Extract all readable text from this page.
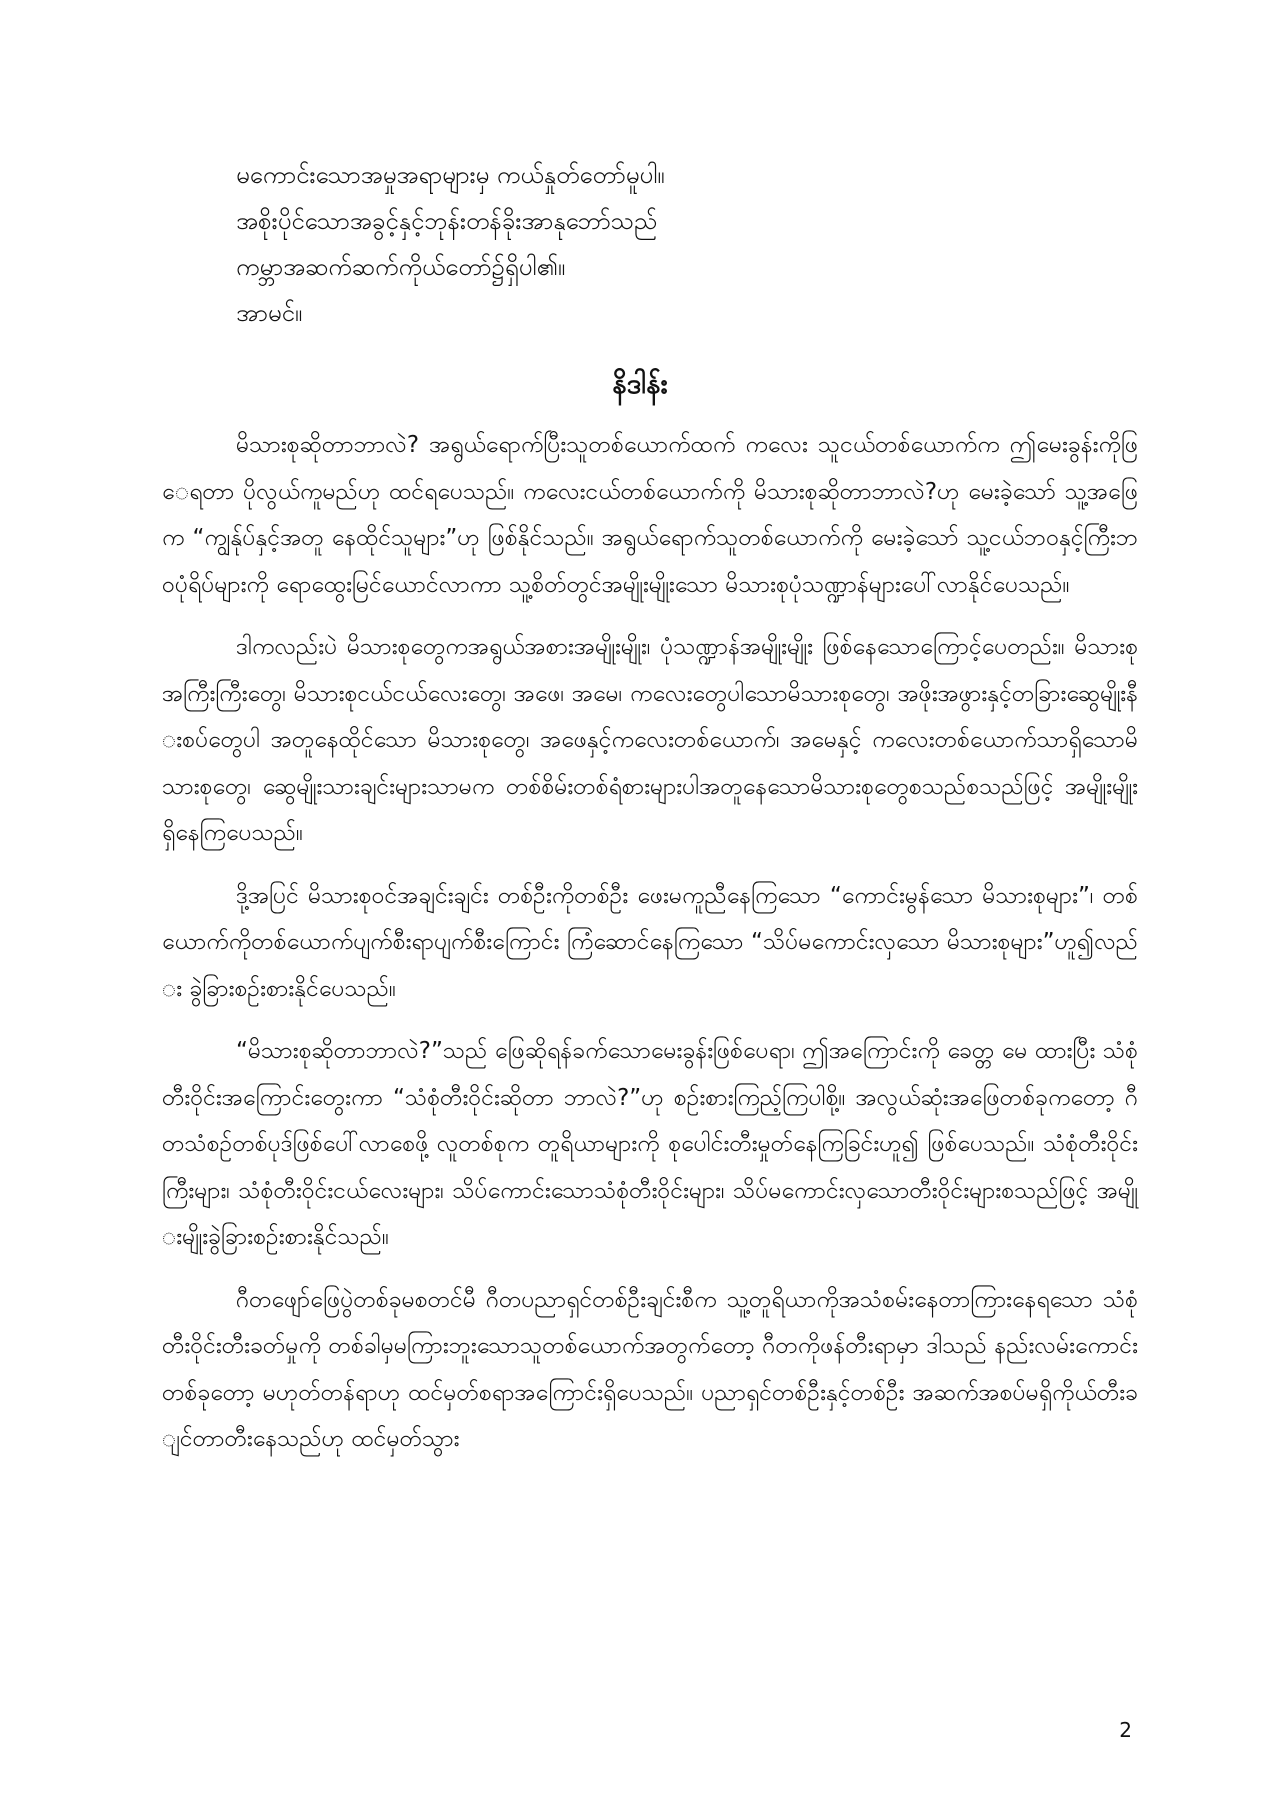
မကောင်းသောအမှုအရာများမှ ကယ်နှုတ်တော်မူပါ။
အစိုးပိုင်သောအခွင့်နှင့်ဘုန်းတန်ခိုးအာနုဘော်သည်
ကမ္ဘာအဆက်ဆက်ကိုယ်တော်၌ရှိပါ၏။
အာမင်။
နိဒါန်း

မိသားစုဆိုတာဘာလဲ? အရွယ်ရောက်ပြီးသူတစ်ယောက်ထက် ကလေး သူငယ်တစ်ယောက်က ဤမေးခွန်းကိုဖြေရတာ ပိုလွယ်ကူမည်ဟု ထင်ရပေသည်။ ကလေးငယ်တစ်ယောက်ကို မိသားစုဆိုတာဘာလဲ?ဟု မေးခဲ့သော် သူ့အဖြေက “ကျွန်ုပ်နှင့်အတူ နေထိုင်သူများ”ဟု ဖြစ်နိုင်သည်။ အရွယ်ရောက်သူတစ်ယောက်ကို မေးခဲ့သော် သူ့ငယ်ဘဝနှင့်ကြီးဘဝပုံရိပ်များကို ရောထွေးမြင်ယောင်လာကာ သူ့စိတ်တွင်အမျိုးမျိုးသော မိသားစုပုံသဏ္ဍာန်များပေါ်လာနိုင်ပေသည်။

ဒါကလည်းပဲ မိသားစုတွေကအရွယ်အစားအမျိုးမျိုး၊ ပုံသဏ္ဍာန်အမျိုးမျိုး ဖြစ်နေသောကြောင့်ပေတည်း။ မိသားစုအကြီးကြီးတွေ၊ မိသားစုငယ်ငယ်လေးတွေ၊ အဖေ၊ အမေ၊ ကလေးတွေပါသောမိသားစုတွေ၊ အဖိုးအဖွားနှင့်တခြားဆွေမျိုးနီးစပ်တွေပါ အတူနေထိုင်သော မိသားစုတွေ၊ အဖေနှင့်ကလေးတစ်ယောက်၊ အမေနှင့် ကလေးတစ်ယောက်သာရှိသောမိသားစုတွေ၊ ဆွေမျိုးသားချင်းများသာမက တစ်စိမ်းတစ်ရံစားများပါအတူနေသောမိသားစုတွေစသည်စသည်ဖြင့် အမျိုးမျိုးရှိနေကြပေသည်။

ဒို့အပြင် မိသားစုဝင်အချင်းချင်း တစ်ဦးကိုတစ်ဦး ဖေးမကူညီနေကြသော “ကောင်းမွန်သော မိသားစုများ”၊ တစ်ယောက်ကိုတစ်ယောက်ပျက်စီးရာပျက်စီးကြောင်း ကြံဆောင်နေကြသော “သိပ်မကောင်းလှသော မိသားစုများ”ဟူ၍လည်း ခွဲခြားစဉ်းစားနိုင်ပေသည်။

“မိသားစုဆိုတာဘာလဲ?”သည် ဖြေဆိုရန်ခက်သောမေးခွန်းဖြစ်ပေရာ၊ ဤအကြောင်းကို ခေတ္တ မေ ထားပြီး သံစုံတီးဝိုင်းအကြောင်းတွေးကာ “သံစုံတီးဝိုင်းဆိုတာ ဘာလဲ?”ဟု စဉ်းစားကြည့်ကြပါစို့။ အလွယ်ဆုံးအဖြေတစ်ခုကတော့ ဂီတသံစဉ်တစ်ပုဒ်ဖြစ်ပေါ်လာစေဖို့ လူတစ်စုက တူရိယာများကို စုပေါင်းတီးမှုတ်နေကြခြင်းဟူ၍ ဖြစ်ပေသည်။ သံစုံတီးဝိုင်းကြီးများ၊ သံစုံတီးဝိုင်းငယ်လေးများ၊ သိပ်ကောင်းသောသံစုံတီးဝိုင်းများ၊ သိပ်မကောင်းလှသောတီးဝိုင်းများစသည်ဖြင့် အမျိုးမျိုးခွဲခြားစဉ်းစားနိုင်သည်။

ဂီတဖျော်ဖြေပွဲတစ်ခုမစတင်မီ ဂီတပညာရှင်တစ်ဦးချင်းစီက သူ့တူရိယာကိုအသံစမ်းနေတာကြားနေရသော သံစုံတီးဝိုင်းတီးခတ်မှုကို တစ်ခါမှမကြားဘူးသောသူတစ်ယောက်အတွက်တော့ ဂီတကိုဖန်တီးရာမှာ ဒါသည် နည်းလမ်းကောင်းတစ်ခုတော့ မဟုတ်တန်ရာဟု ထင်မှတ်စရာအကြောင်းရှိပေသည်။ ပညာရှင်တစ်ဦးနှင့်တစ်ဦး အဆက်အစပ်မရှိကိုယ်တီးချင်တာတီးနေသည်ဟု ထင်မှတ်သွား

2
